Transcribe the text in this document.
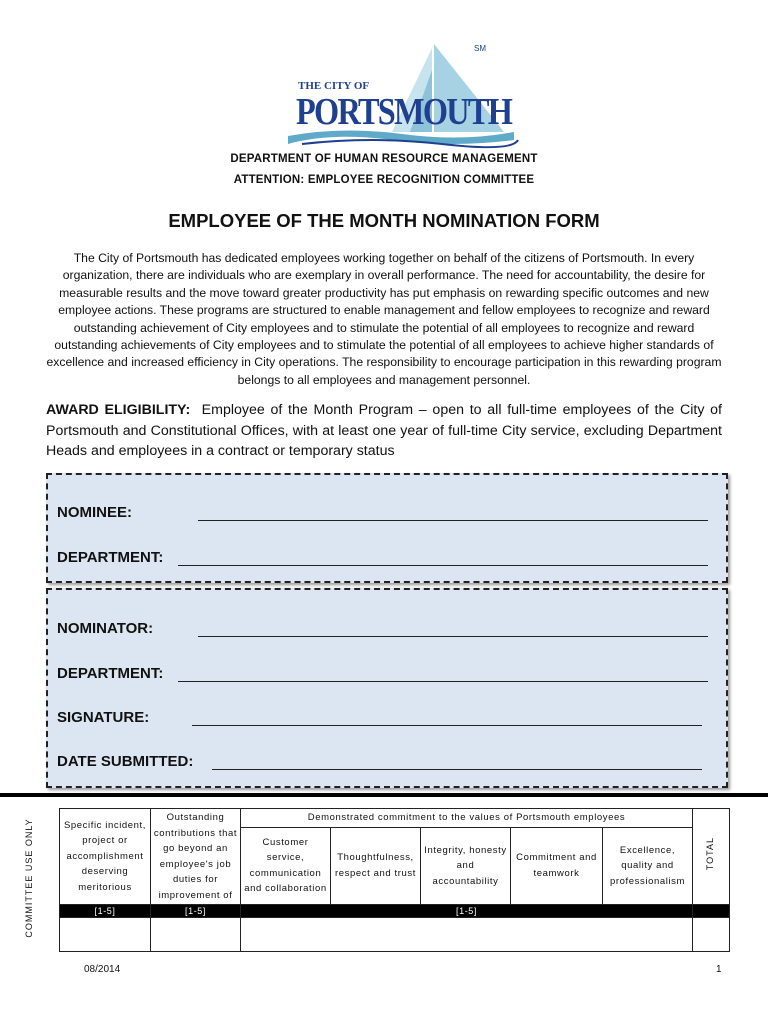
THE CITY OF
PORTSMOUTH
SM
DEPARTMENT OF HUMAN RESOURCE MANAGEMENT
ATTENTION: EMPLOYEE RECOGNITION COMMITTEE
EMPLOYEE OF THE MONTH NOMINATION FORM
The City of Portsmouth has dedicated employees working together on behalf of the citizens of Portsmouth. In every organization, there are individuals who are exemplary in overall performance. The need for accountability, the desire for measurable results and the move toward greater productivity has put emphasis on rewarding specific outcomes and new employee actions. These programs are structured to enable management and fellow employees to recognize and reward outstanding achievement of City employees and to stimulate the potential of all employees to recognize and reward outstanding achievements of City employees and to stimulate the potential of all employees to achieve higher standards of excellence and increased efficiency in City operations. The responsibility to encourage participation in this rewarding program belongs to all employees and management personnel.
AWARD ELIGIBILITY: Employee of the Month Program – open to all full-time employees of the City of Portsmouth and Constitutional Offices, with at least one year of full-time City service, excluding Department Heads and employees in a contract or temporary status
NOMINEE:
DEPARTMENT:
NOMINATOR:
DEPARTMENT:
SIGNATURE:
DATE SUBMITTED:
COMMITTEE USE ONLY	Specific incident, project or accomplishment deserving meritorious	Outstanding contributions that go beyond an employee's job duties for improvement of	Demonstrated commitment to the values of Portsmouth employees					TOTAL
		Customer service, communication and collaboration	Thoughtfulness, respect and trust	Integrity, honesty and accountability	Commitment and teamwork	Excellence, quality and professionalism	
[1-5]	[1-5]	[1-5]					

08/2014	1
